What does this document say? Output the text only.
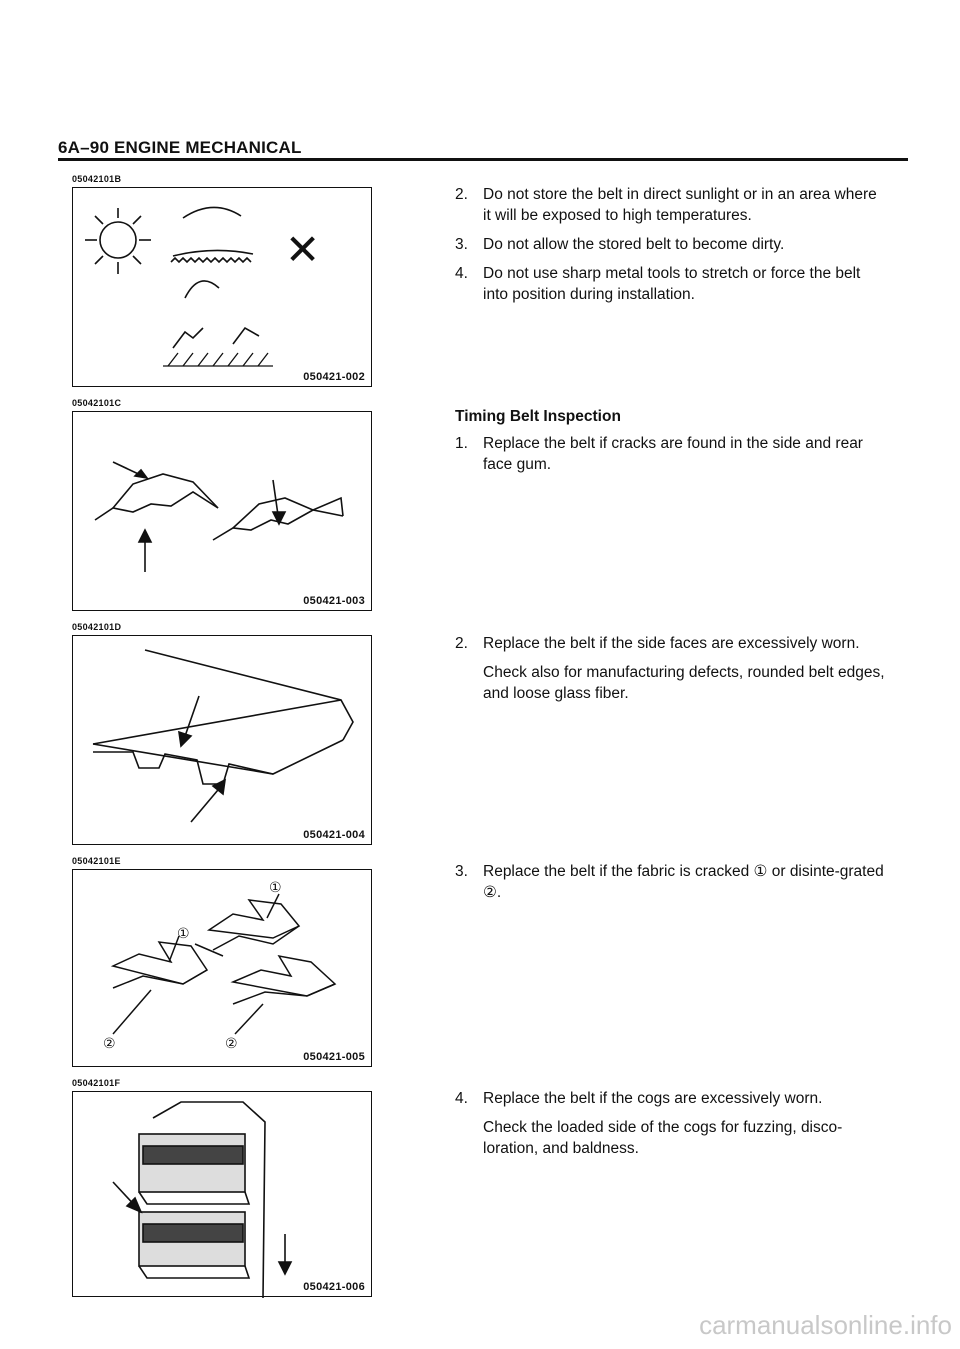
6A–90 ENGINE MECHANICAL
05042101B
✕
050421-002
05042101C
050421-003
05042101D
050421-004
05042101E
①
①
②	②
050421-005
05042101F
050421-006
2. Do not store the belt in direct sunlight or in an area where it will be exposed to high temperatures.
3. Do not allow the stored belt to become dirty.
4. Do not use sharp metal tools to stretch or force the belt into position during installation.
Timing Belt Inspection
1. Replace the belt if cracks are found in the side and rear face gum.
2. Replace the belt if the side faces are excessively worn.

Check also for manufacturing defects, rounded belt edges, and loose glass fiber.

3. Replace the belt if the fabric is cracked ① or disinte-grated ②.
4. Replace the belt if the cogs are excessively worn.

Check the loaded side of the cogs for fuzzing, disco-loration, and baldness.

carmanualsonline.info
